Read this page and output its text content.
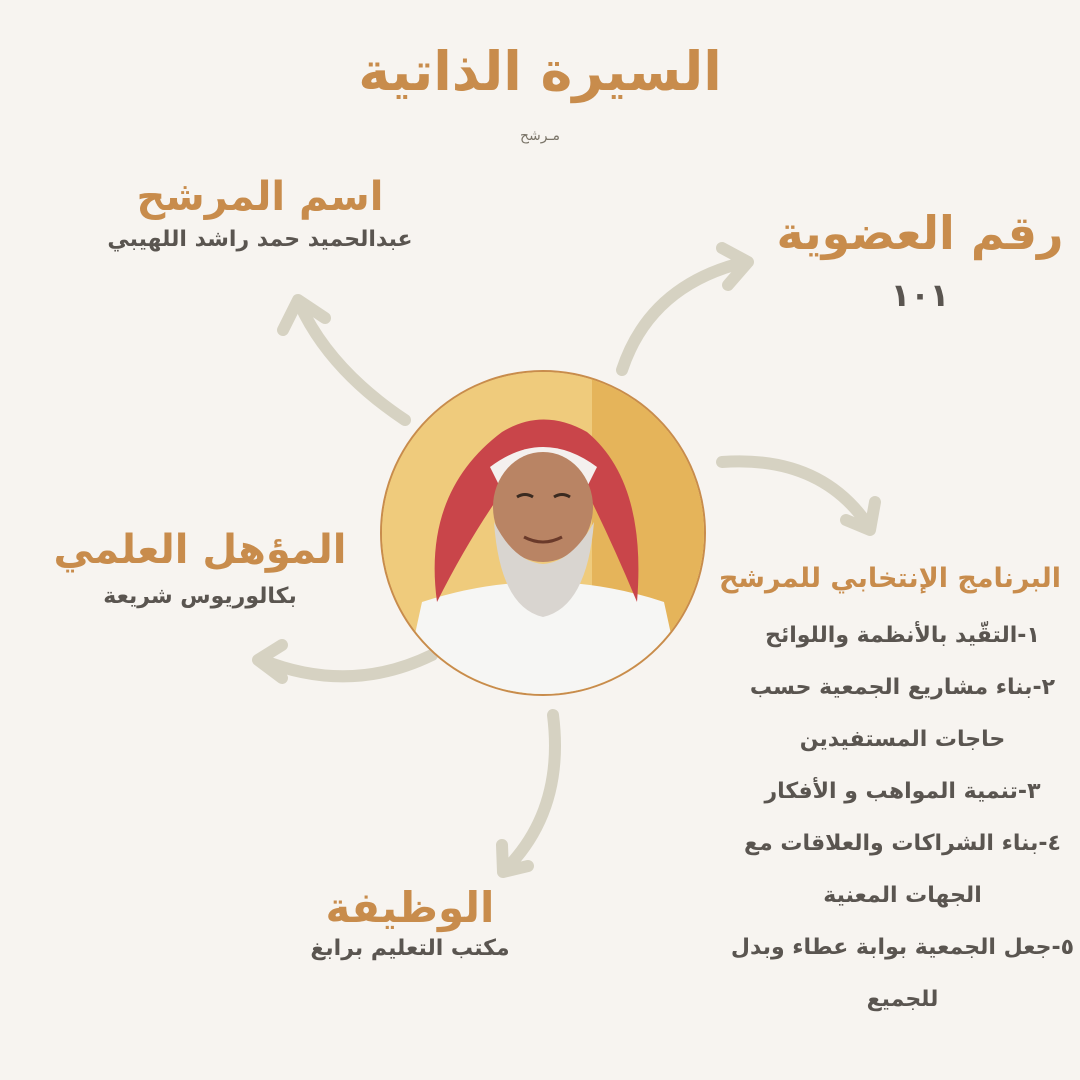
السيرة الذاتية
مـرشح
اسم المرشح
عبدالحميد حمد راشد اللهيبي	رقم العضوية
١٠١
المؤهل العلمي
بكالوريوس شريعة
الوظيفة
مكتب التعليم برابغ
البرنامج الإنتخابي للمرشح
١-التقّيد بالأنظمة واللوائح
٢-بناء مشاريع الجمعية حسب
حاجات المستفيدين
٣-تنمية المواهب و الأفكار
٤-بناء الشراكات والعلاقات مع
الجهات المعنية
٥-جعل الجمعية بوابة عطاء وبدل
للجميع
